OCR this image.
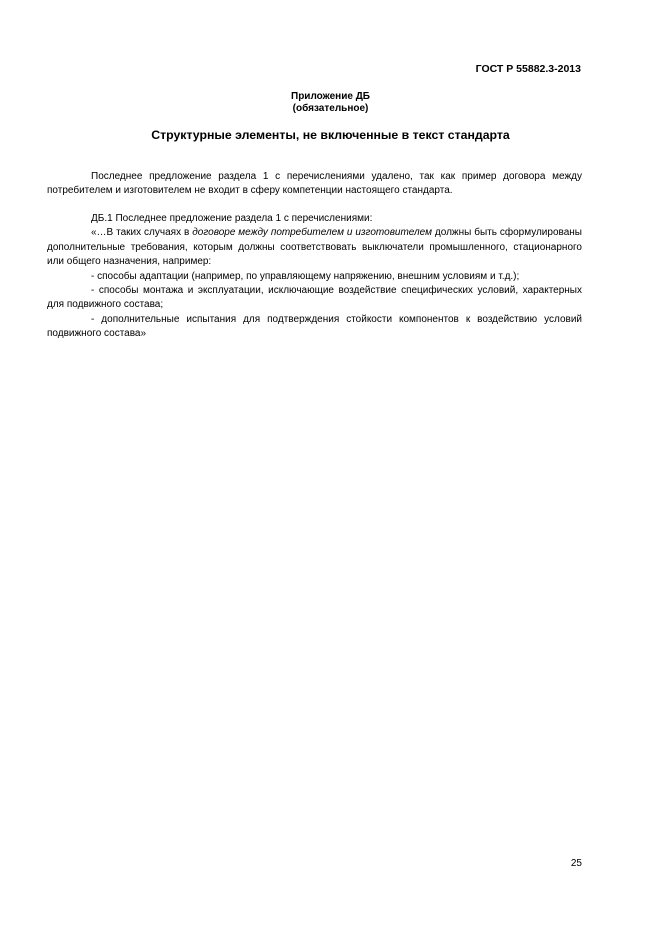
ГОСТ Р 55882.3-2013
Приложение ДБ
(обязательное)
Структурные элементы, не включенные в текст стандарта

Последнее предложение раздела 1 с перечислениями удалено, так как пример договора между потребителем и изготовителем не входит в сферу компетенции настоящего стандарта.

ДБ.1 Последнее предложение раздела 1 с перечислениями:

«…В таких случаях в договоре между потребителем и изготовителем должны быть сформулированы дополнительные требования, которым должны соответствовать выключатели промышленного, стационарного или общего назначения, например:

- способы адаптации (например, по управляющему напряжению, внешним условиям и т.д.);

- способы монтажа и эксплуатации, исключающие воздействие специфических условий, характерных для подвижного состава;

- дополнительные испытания для подтверждения стойкости компонентов к воздействию условий подвижного состава»

25
